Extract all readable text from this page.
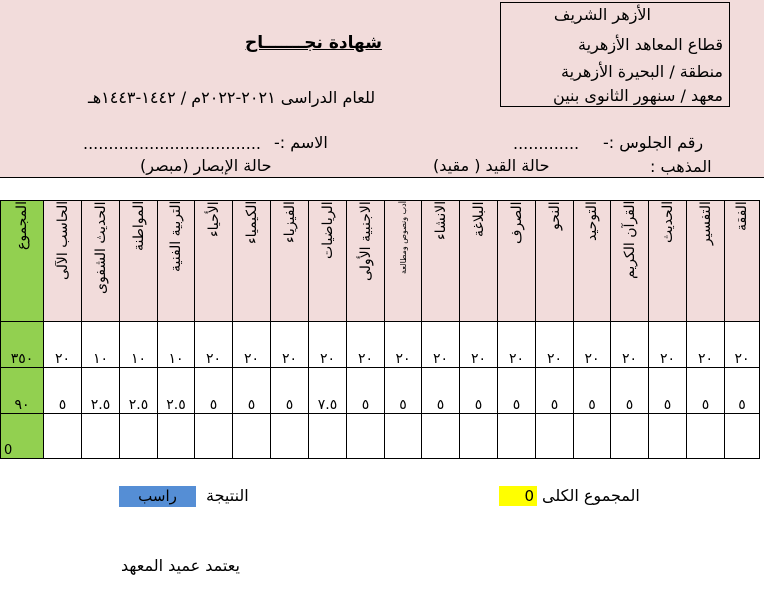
الأزهر الشريف
قطاع المعاهد الأزهرية
منطقة / البحيرة الأزهرية
معهد / سنهور الثانوى بنين
شهادة نجـــــــاح
للعام الدراسى ٢٠٢١-٢٠٢٢م / ١٤٤٢-١٤٤٣هـ
................................... الاسم :-	............. رقم الجلوس :-
حالة الإبصار (مبصر)	حالة القيد ( مقيد)	المذهب :
الفقة	التفسير	الحديث	القرآن الكريم	التوحيد	النحو	الصرف	البلاغة	الانشاء	أدب ونصوص ومطالعة	الاجنبية الأولى	الرياضيات	الفيزياء	الكيمياء	الأحياء	التربية الفنية	المواطنة	الحديث الشفوى	الحاسب الآلى	المجموع
٢٠	٢٠	٢٠	٢٠	٢٠	٢٠	٢٠	٢٠	٢٠	٢٠	٢٠	٢٠	٢٠	٢٠	٢٠	١٠	١٠	١٠	٢٠	٣٥٠
٥	٥	٥	٥	٥	٥	٥	٥	٥	٥	٥	٧.٥	٥	٥	٥	٢.٥	٢.٥	٢.٥	٥	٩٠
																			0
المجموع الكلى
0
النتيجة
راسب
يعتمد عميد المعهد
